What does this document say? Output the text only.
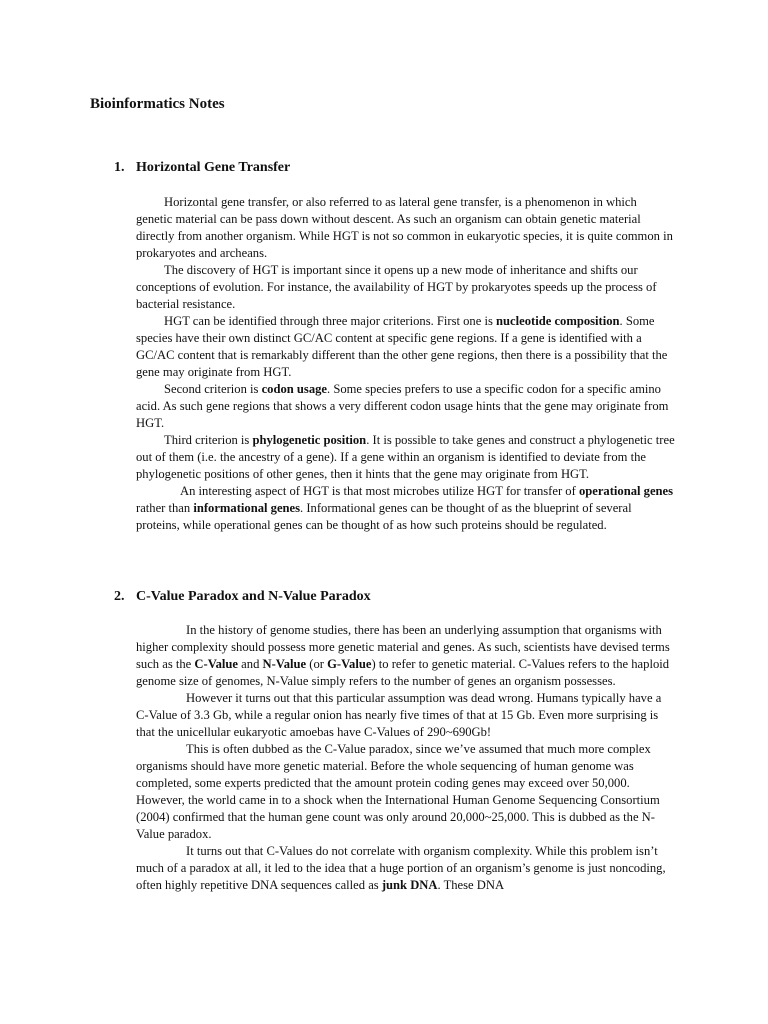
Bioinformatics Notes
1. Horizontal Gene Transfer

Horizontal gene transfer, or also referred to as lateral gene transfer, is a phenomenon in which genetic material can be pass down without descent. As such an organism can obtain genetic material directly from another organism. While HGT is not so common in eukaryotic species, it is quite common in prokaryotes and archeans.

The discovery of HGT is important since it opens up a new mode of inheritance and shifts our conceptions of evolution. For instance, the availability of HGT by prokaryotes speeds up the process of bacterial resistance.

HGT can be identified through three major criterions. First one is nucleotide composition. Some species have their own distinct GC/AC content at specific gene regions. If a gene is identified with a GC/AC content that is remarkably different than the other gene regions, then there is a possibility that the gene may originate from HGT.

Second criterion is codon usage. Some species prefers to use a specific codon for a specific amino acid. As such gene regions that shows a very different codon usage hints that the gene may originate from HGT.

Third criterion is phylogenetic position. It is possible to take genes and construct a phylogenetic tree out of them (i.e. the ancestry of a gene). If a gene within an organism is identified to deviate from the phylogenetic positions of other genes, then it hints that the gene may originate from HGT.

An interesting aspect of HGT is that most microbes utilize HGT for transfer of operational genes rather than informational genes. Informational genes can be thought of as the blueprint of several proteins, while operational genes can be thought of as how such proteins should be regulated.

2. C-Value Paradox and N-Value Paradox

In the history of genome studies, there has been an underlying assumption that organisms with higher complexity should possess more genetic material and genes. As such, scientists have devised terms such as the C-Value and N-Value (or G-Value) to refer to genetic material. C-Values refers to the haploid genome size of genomes, N-Value simply refers to the number of genes an organism possesses.

However it turns out that this particular assumption was dead wrong. Humans typically have a C-Value of 3.3 Gb, while a regular onion has nearly five times of that at 15 Gb. Even more surprising is that the unicellular eukaryotic amoebas have C-Values of 290~690Gb!

This is often dubbed as the C-Value paradox, since we’ve assumed that much more complex organisms should have more genetic material. Before the whole sequencing of human genome was completed, some experts predicted that the amount protein coding genes may exceed over 50,000. However, the world came in to a shock when the International Human Genome Sequencing Consortium (2004) confirmed that the human gene count was only around 20,000~25,000. This is dubbed as the N-Value paradox.

It turns out that C-Values do not correlate with organism complexity. While this problem isn’t much of a paradox at all, it led to the idea that a huge portion of an organism’s genome is just noncoding, often highly repetitive DNA sequences called as junk DNA. These DNA
